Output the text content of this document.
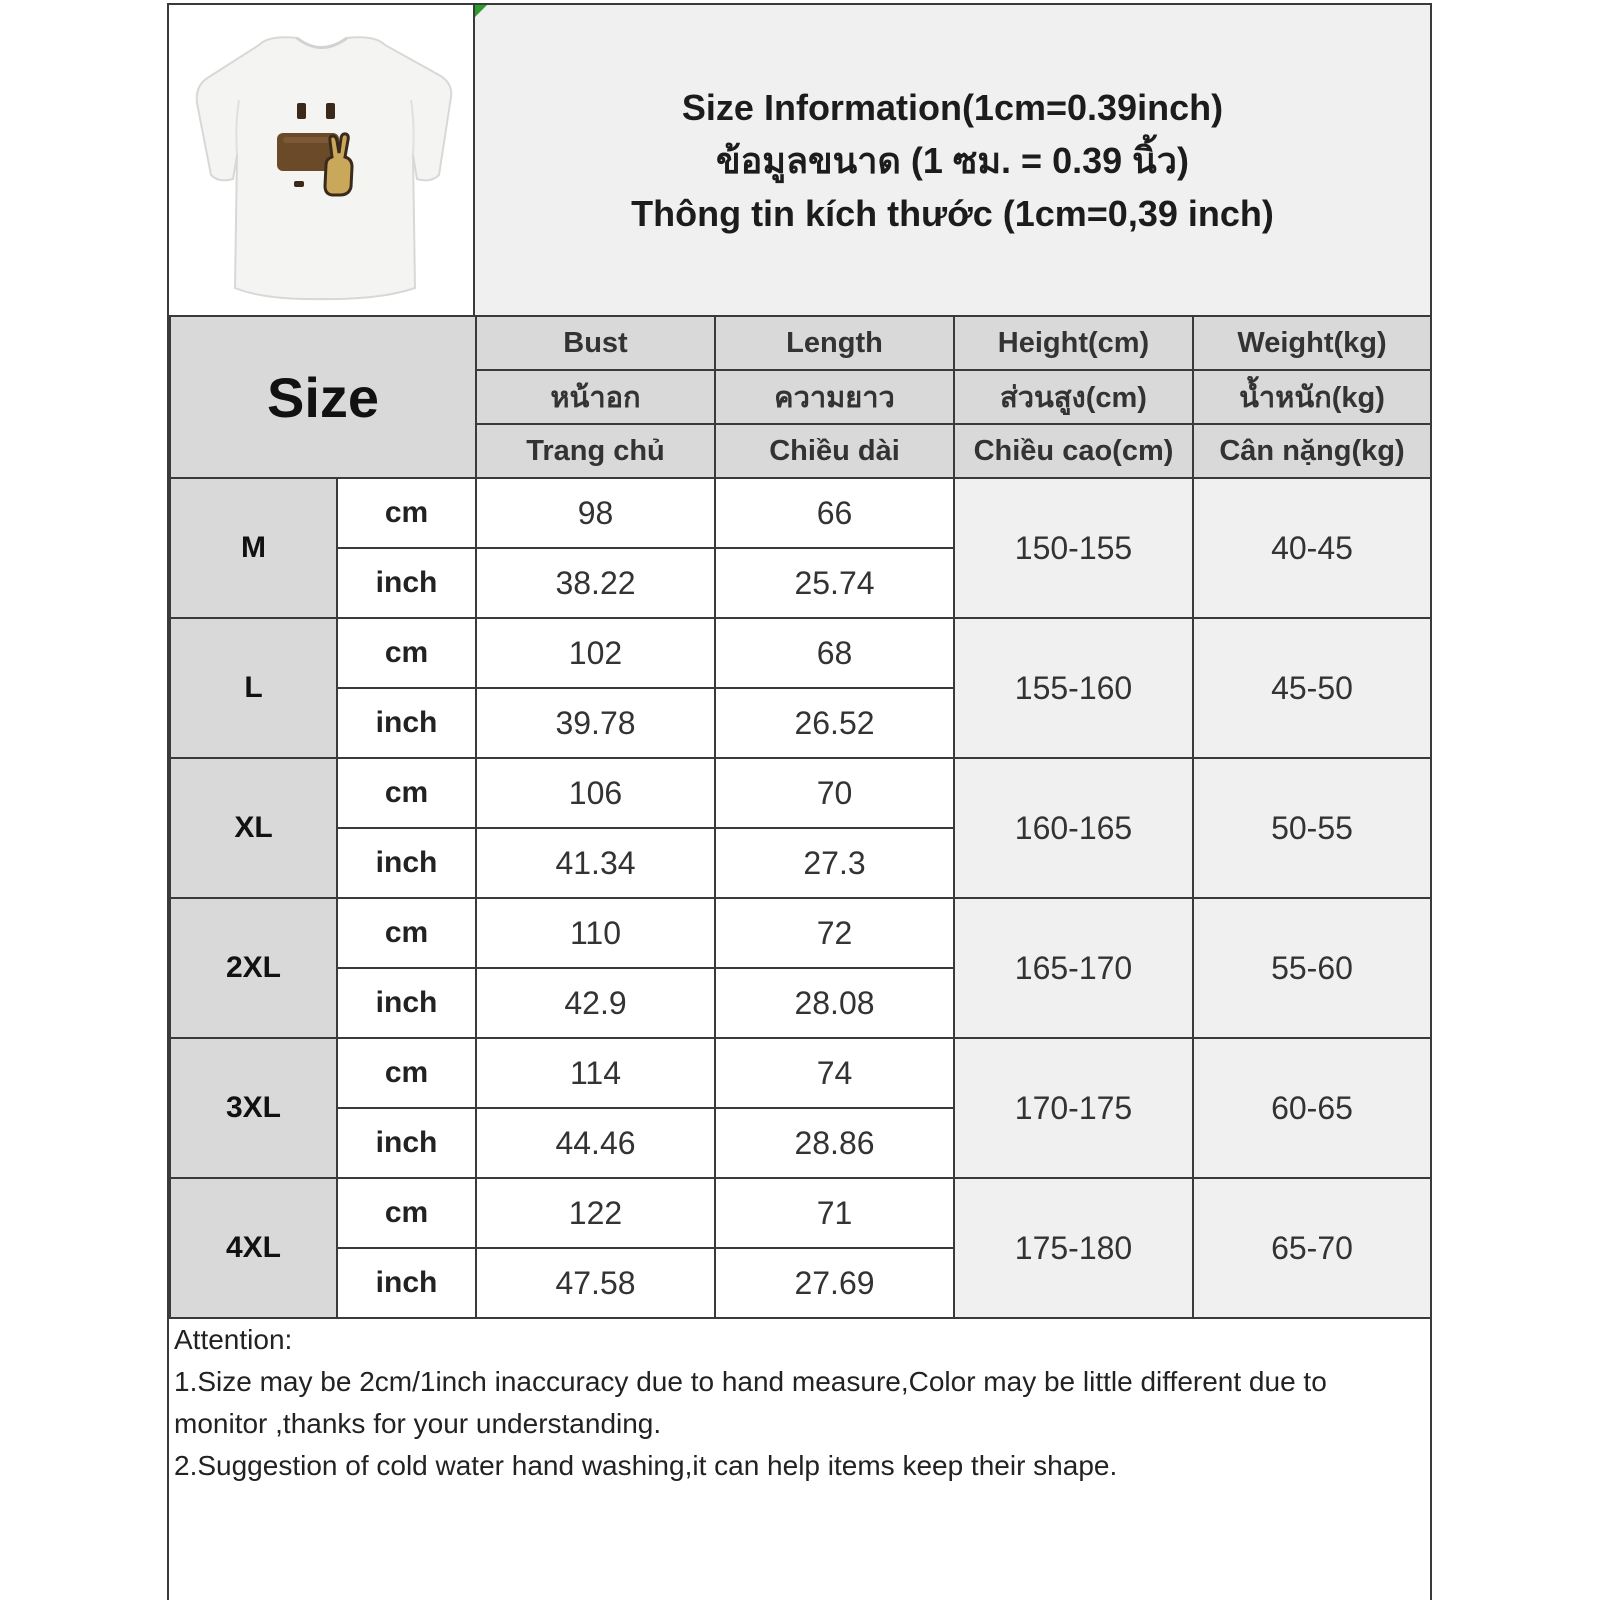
Size Information(1cm=0.39inch)
ข้อมูลขนาด (1 ซม. = 0.39 นิ้ว)
Thông tin kích thước (1cm=0,39 inch)
Size		Bust	Length	Height(cm)	Weight(kg)
		หน้าอก	ความยาว	ส่วนสูง(cm)	น้ำหนัก(kg)
		Trang chủ	Chiều dài	Chiều cao(cm)	Cân nặng(kg)
M	cm	98	66	150-155	40-45
	inch	38.22	25.74		
L	cm	102	68	155-160	45-50
	inch	39.78	26.52		
XL	cm	106	70	160-165	50-55
	inch	41.34	27.3		
2XL	cm	110	72	165-170	55-60
	inch	42.9	28.08		
3XL	cm	114	74	170-175	60-65
	inch	44.46	28.86		
4XL	cm	122	71	175-180	65-70
	inch	47.58	27.69		

Attention:

1.Size may be 2cm/1inch inaccuracy due to hand measure,Color may be little different due to monitor ,thanks for your understanding.

2.Suggestion of cold water hand washing,it can help items keep their shape.
